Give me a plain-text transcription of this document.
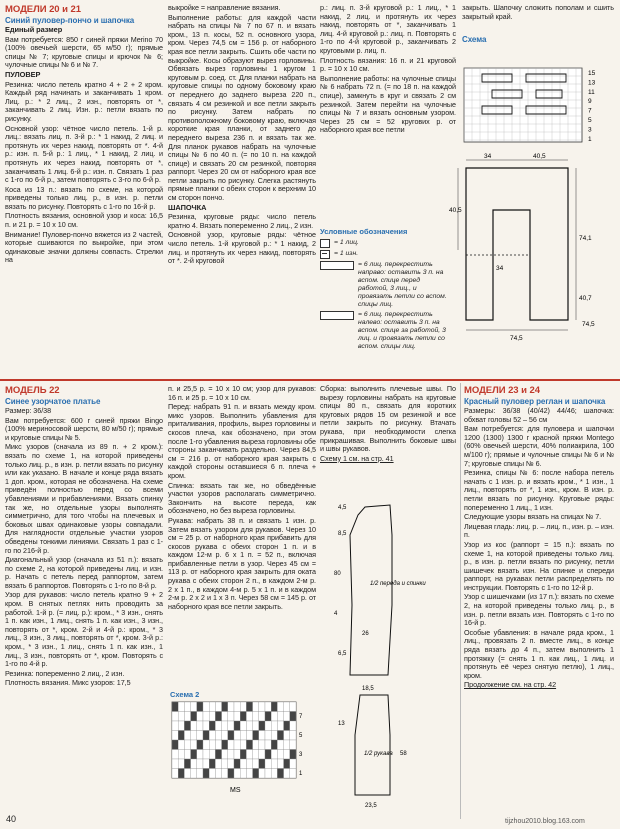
МОДЕЛИ 20 и 21

Синий пуловер-пончо и шапочка

Единый размер

Вам потребуется: 850 г синей пряжи Merino 70 (100% овечьей шерсти, 65 м/50 г); прямые спицы № 7; круговые спицы и крючок № 6; чулочные спицы № 6 и № 7.

ПУЛОВЕР

Резинка: число петель кратно 4 + 2 + 2 кром. Каждый ряд начинать и заканчивать 1 кром. Лиц. р.: * 2 лиц., 2 изн., повторять от *, заканчивать 2 лиц. Изн. р.: петли вязать по рисунку.

Основной узор: чётное число петель. 1-й р. лиц.: вязать лиц. п. 3-й р.: * 1 накид, 2 лиц. и протянуть их через накид, повторять от *. 4-й р.: изн. п. 5-й р.: 1 лиц., * 1 накид, 2 лиц. и протянуть их через накид, повторять от *, заканчивать 1 лиц. 6-й р.: изн. п. Связать 1 раз с 1-го по 6-й р., затем повторять с 3-го по 6-й р.

Коса из 13 п.: вязать по схеме, на которой приведены только лиц. р., в изн. р. петли вязать по рисунку. Повторять с 1-го по 16-й р.

Плотность вязания, основной узор и коса: 16,5 п. и 21 р. = 10 х 10 см.

Внимание! Пуловер-пончо вяжется из 2 частей, которые сшиваются по выкройке, при этом одинаковые значки должны совпасть. Стрелки на

выкройке = направление вязания.

Выполнение работы: для каждой части набрать на спицы № 7 по 67 п. и вязать кром., 13 п. косы, 52 п. основного узора, кром. Через 74,5 см = 156 р. от наборного края все петли закрыть. Сшить обе части по выкройке. Косы образуют вырез горловины. Обвязать вырез горловины 1 кругом 1 круговым р. соед. ст. Для планки набрать на круговые спицы по одному боковому краю от переднего до заднего выреза 220 п., связать 4 см резинкой и все петли закрыть по рисунку. Затем набрать по противоположному боковому краю, включая короткие края планки, от заднего до переднего выреза 236 п. и вязать так же. Для планок рукавов набрать на чулочные спицы № 6 по 40 п. (= по 10 п. на каждой спице) и связать 20 см резинкой, повторяя раппорт. Через 20 см от наборного края все петли закрыть по рисунку. Слегка растянуть прямые планки с обеих сторон к верхним 10 см сторон пончо.

ШАПОЧКА

Резинка, круговые ряды: число петель кратно 4. Вязать попеременно 2 лиц., 2 изн.

Основной узор, круговые ряды: чётное число петель. 1-й круговой р.: * 1 накид, 2 лиц. и протянуть их через накид, повторять от *. 2-й круговой

р.: лиц. п. 3-й круговой р.: 1 лиц., * 1 накид, 2 лиц. и протянуть их через накид, повторять от *, заканчивать 1 лиц. 4-й круговой р.: лиц. п. Повторять с 1-го по 4-й круговой р., заканчивать 2 круговыми р. лиц. п.

Плотность вязания: 16 п. и 21 круговой р. = 10 х 10 см.

Выполнение работы: на чулочные спицы № 6 набрать 72 п. (= по 18 п. на каждой спице), замкнуть в круг и связать 2 см резинкой. Затем перейти на чулочные спицы № 7 и вязать основным узором. Через 25 см = 52 кругових р. от наборного края все петли

закрыть. Шапочку сложить пополам и сшить закрытый край.

Схема

15
13
11
9
7
5
3
1
34	40,5
40,5
74,1
34
40,7
74,5
74,5
Условные обозначения
= 1 лиц.
= 1 изн.
= 6 лиц. перекрестить направо: оставить 3 п. на вспом. спице перед работой, 3 лиц., и провязать петли со вспом. спицы лиц.
= 6 лиц. перекрестить налево: оставить 3 п. на вспом. спице за работой, 3 лиц. и провязать петли со вспом. спицы лиц.

МОДЕЛЬ 22

Синее узорчатое платье

Размер: 36/38

Вам потребуется: 600 г синей пряжи Bingo (100% мериносовой шерсти, 80 м/50 г); прямые и круговые спицы № 5.

Микс узоров (сначала из 89 п. + 2 кром.): вязать по схеме 1, на которой приведены только лиц. р., в изн. р. петли вязать по рисунку или как указано. В начале и конце ряда вязать 1 доп. кром., которая не обозначена. На схеме приведён полностью перед со всеми убавлениями и прибавлениями. Вязать спинку так же, но отдельные узоры выполнять симметрично, для того чтобы на плечевых и боковых швах одинаковые узоры совпадали. Для наглядности отдельные участки узоров обведены тонкими линиями. Связать 1 раз с 1-го по 216-й р.

Диагональный узор (сначала из 51 п.): вязать по схеме 2, на которой приведены лиц. и изн. р. Начать с петель перед раппортом, затем вязать 6 раппортов. Повторять с 1-го по 8-й р.

Узор для рукавов: число петель кратно 9 + 2 кром. В снятых петлях нить проводить за работой. 1-й р. (= лиц. р.): кром., * 3 изн., снять 1 п. как изн., 1 лиц., снять 1 п. как изн., 3 изн., повторять от *, кром. 2-й и 4-й р.: кром., * 3 лиц., 3 изн., 3 лиц., повторять от *, кром. 3-й р.: кром., * 3 изн., 1 лиц., снять 1 п. как изн., 1 лиц., 3 изн., повторять от *, кром. Повторять с 1-го по 4-й р.

Резинка: попеременно 2 лиц., 2 изн.

Плотность вязания. Микс узоров: 17,5

п. и 25,5 р. = 10 х 10 см; узор для рукавов: 16 п. и 25 р. = 10 х 10 см.

Перед: набрать 91 п. и вязать между кром. микс узоров. Выполнить убавления для приталивания, профиль, вырез горловины и скосов плеча, как обозначено, при этом после 1-го убавления выреза горловины обе стороны заканчивать раздельно. Через 84,5 см = 216 р. от наборного края закрыть с каждой стороны оставшиеся 6 п. плеча + кром.

Спинка: вязать так же, но обведённые участки узоров располагать симметрично. Закончить на высоте переда, как обозначено, но без выреза горловины.

Рукава: набрать 38 п. и связать 1 изн. р. Затем вязать узором для рукавов. Через 10 см = 25 р. от наборного края прибавить для скосов рукава с обеих сторон 1 п. и в каждом 12-м р. 6 х 1 п. = 52 п., включая прибавленные петли в узор. Через 45 см = 113 р. от наборного края закрыть для оката рукава с обеих сторон 2 п., в каждом 2-м р. 2 х 1 п., в каждом 4-м р. 5 х 1 п. и в каждом 2-м р. 2 х 2 и 1 х 3 п. Через 58 см = 145 р. от наборного края все петли закрыть.

Схема 2
MS
7
5
3
1

Сборка: выполнить плечевые швы. По вырезу горловины набрать на круговые спицы 80 п., связать для коротких круговых рядов 15 см резинкой и все петли закрыть по рисунку. Втачать рукава, при необходимости слегка прикрашивая. Выполнить боковые швы и швы рукавов.

Схему 1 см. на стр. 41

4,5
8,5
80
4
18,5
26
6,5
13
58
23,5
1/2 переда и спинки
1/2 рукава

МОДЕЛИ 23 и 24

Красный пуловер реглан и шапочка

Размеры: 36/38 (40/42) 44/46; шапочка: обхват головы 52 – 56 см

Вам потребуется: для пуловера и шапочки 1200 (1300) 1300 г красной пряжи Montego (60% овечьей шерсти, 40% полиакрила, 100 м/100 г); прямые и чулочные спицы № 6 и № 7; круговые спицы № 6.

Резинка, спицы № 6: после набора петель начать с 1 изн. р. и вязать кром., * 1 изн., 1 лиц., повторять от *, 1 изн., кром. В изн. р. петли вязать по рисунку. Круговые ряды: попеременно 1 лиц., 1 изн.

Следующие узоры вязать на спицах № 7.

Лицевая гладь: лиц. р. – лиц. п., изн. р. – изн. п.

Узор из кос (раппорт = 15 п.): вязать по схеме 1, на которой приведены только лиц. р., в изн. р. петли вязать по рисунку, петли шишечек вязать изн. На спинке и спереди раппорт, на рукавах петли распределять по инструкции. Повторять с 1-го по 12-й р.

Узор с шишечками (из 17 п.): вязать по схеме 2, на которой приведены только лиц. р., в изн. р. петли вязать изн. Повторять с 1-го по 16-й р.

Особые убавления: в начале ряда кром., 1 лиц., провязать 2 п. вместе лиц., в конце ряда вязать до 4 п., затем выполнить 1 протяжку (= снять 1 п. как лиц., 1 лиц. и протянуть её через снятую петлю), 1 лиц., кром.

Продолжение см. на стр. 42

40	tijzhou2010.blog.163.com
